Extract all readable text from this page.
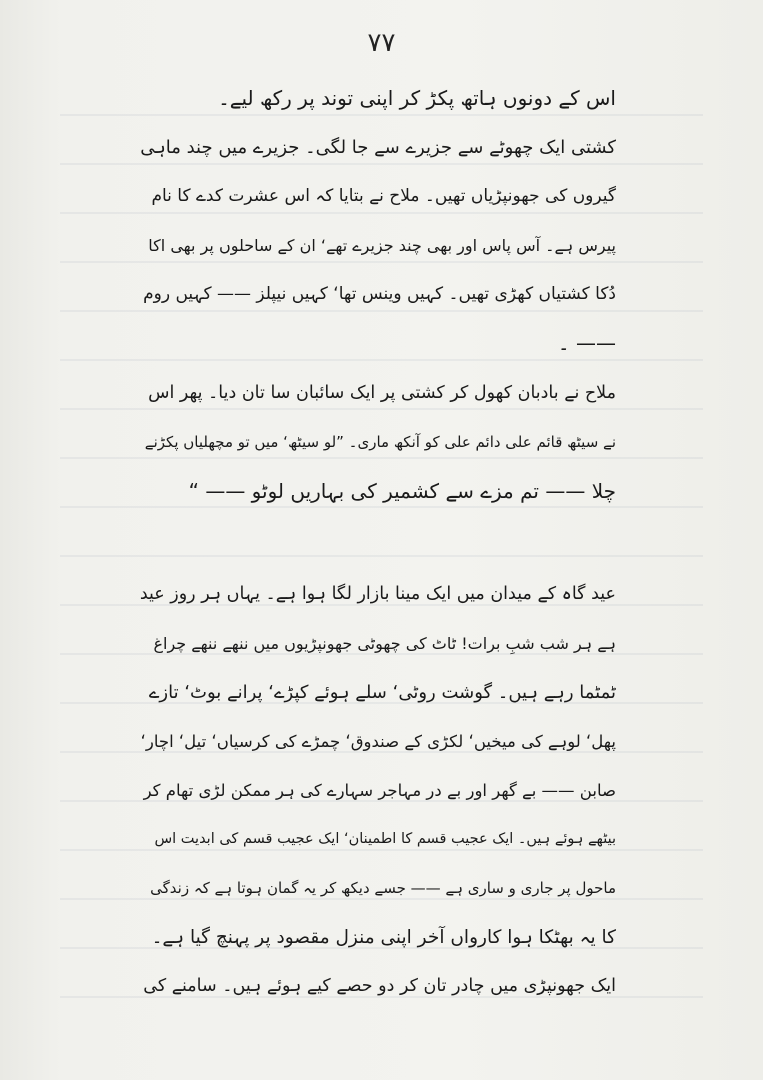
٧٧
اس کے دونوں ہاتھ پکڑ کر اپنی توند پر رکھ لیے۔
کشتی ایک چھوٹے سے جزیرے سے جا لگی۔ جزیرے میں چند ماہی
گیروں کی جھونپڑیاں تھیں۔ ملاح نے بتایا کہ اس عشرت کدے کا نام
پیرس ہے۔ آس پاس اور بھی چند جزیرے تھے‘ ان کے ساحلوں پر بھی اکا
دُکا کشتیاں کھڑی تھیں۔ کہیں وینس تھا‘ کہیں نیپلز —— کہیں روم
—— ۔
ملاح نے بادبان کھول کر کشتی پر ایک سائبان سا تان دیا۔ پھر اس
نے سیٹھ قائم علی دائم علی کو آنکھ ماری۔ ”لو سیٹھ‘ میں تو مچھلیاں پکڑنے
چلا —— تم مزے سے کشمیر کی بہاریں لوٹو —— “
عید گاہ کے میدان میں ایک مینا بازار لگا ہوا ہے۔ یہاں ہر روز عید
ہے ہر شب شبِ برات! ٹاٹ کی چھوٹی جھونپڑیوں میں ننھے ننھے چراغ
ٹمٹما رہے ہیں۔ گوشت روٹی‘ سلے ہوئے کپڑے‘ پرانے بوٹ‘ تازے
پھل‘ لوہے کی میخیں‘ لکڑی کے صندوق‘ چمڑے کی کرسیاں‘ تیل‘ اچار‘
صابن —— بے گھر اور بے در مہاجر سہارے کی ہر ممکن لڑی تھام کر
بیٹھے ہوئے ہیں۔ ایک عجیب قسم کا اطمینان‘ ایک عجیب قسم کی ابدیت اس
ماحول پر جاری و ساری ہے —— جسے دیکھ کر یہ گمان ہوتا ہے کہ زندگی
کا یہ بھٹکا ہوا کارواں آخر اپنی منزل مقصود پر پہنچ گیا ہے۔
ایک جھونپڑی میں چادر تان کر دو حصے کیے ہوئے ہیں۔ سامنے کی
